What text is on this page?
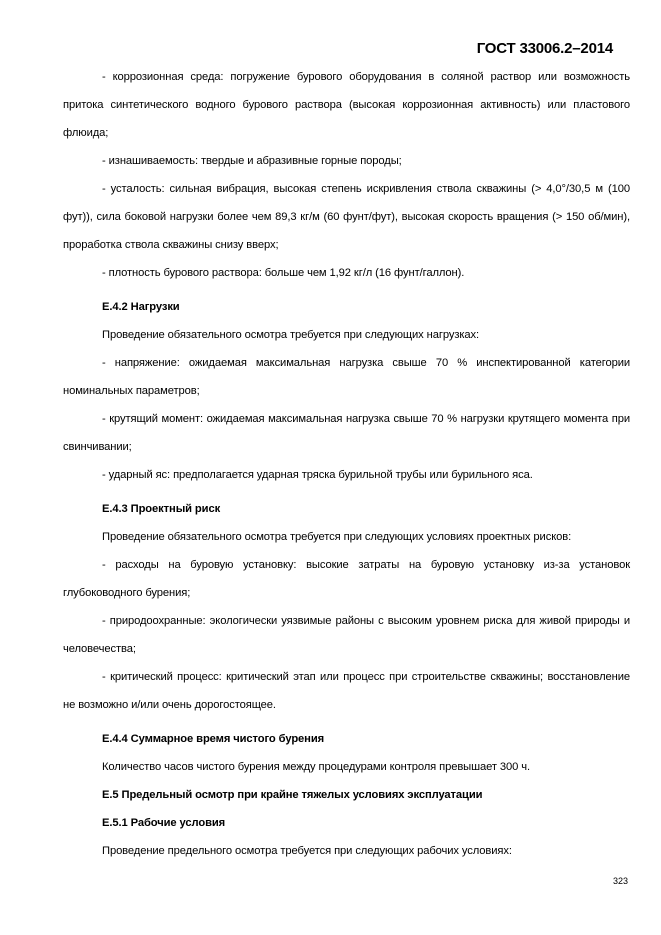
ГОСТ 33006.2–2014

- коррозионная среда: погружение бурового оборудования в соляной раствор или возможность притока синтетического водного бурового раствора (высокая коррозионная активность) или пластового флюида;

- изнашиваемость: твердые и абразивные горные породы;

- усталость: сильная вибрация, высокая степень искривления ствола скважины (> 4,0°/30,5 м (100 фут)), сила боковой нагрузки более чем 89,3 кг/м (60 фунт/фут), высокая скорость вращения (> 150 об/мин), проработка ствола скважины снизу вверх;

- плотность бурового раствора: больше чем 1,92 кг/л (16 фунт/галлон).

Е.4.2 Нагрузки

Проведение обязательного осмотра требуется при следующих нагрузках:

- напряжение: ожидаемая максимальная нагрузка свыше 70 % инспектированной категории номинальных параметров;

- крутящий момент: ожидаемая максимальная нагрузка свыше 70 % нагрузки крутящего момента при свинчивании;

- ударный яс: предполагается ударная тряска бурильной трубы или бурильного яса.

Е.4.3 Проектный риск

Проведение обязательного осмотра требуется при следующих условиях проектных рисков:

- расходы на буровую установку: высокие затраты на буровую установку из-за установок глубоководного бурения;

- природоохранные: экологически уязвимые районы с высоким уровнем риска для живой природы и человечества;

- критический процесс: критический этап или процесс при строительстве скважины; восстановление не возможно и/или очень дорогостоящее.

Е.4.4 Суммарное время чистого бурения

Количество часов чистого бурения между процедурами контроля превышает 300 ч.

Е.5 Предельный осмотр при крайне тяжелых условиях эксплуатации

Е.5.1 Рабочие условия

Проведение предельного осмотра требуется при следующих рабочих условиях:

323
